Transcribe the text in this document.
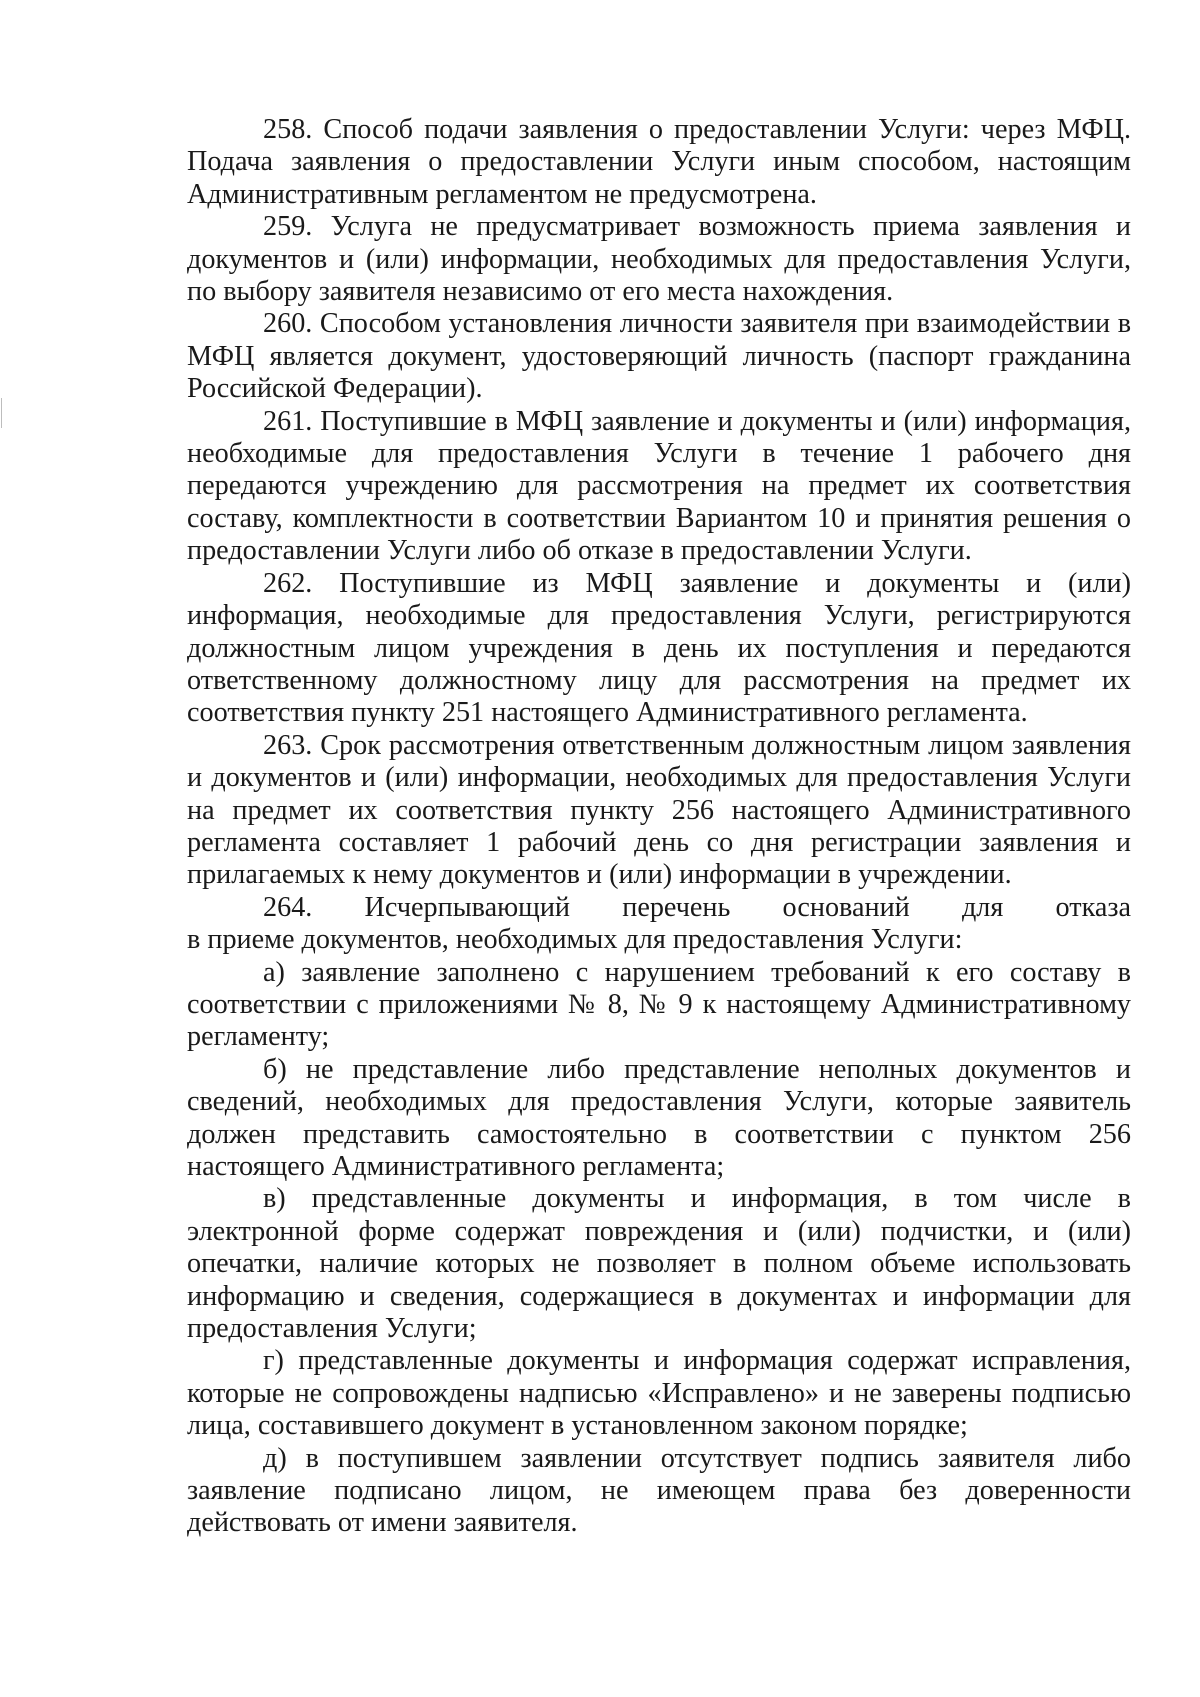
258. Способ подачи заявления о предоставлении Услуги: через МФЦ. Подача заявления о предоставлении Услуги иным способом, настоящим Административным регламентом не предусмотрена.

259. Услуга не предусматривает возможность приема заявления и документов и (или) информации, необходимых для предоставления Услуги, по выбору заявителя независимо от его места нахождения.

260. Способом установления личности заявителя при взаимодействии в МФЦ является документ, удостоверяющий личность (паспорт гражданина Российской Федерации).

261. Поступившие в МФЦ заявление и документы и (или) информация, необходимые для предоставления Услуги в течение 1 рабочего дня передаются учреждению для рассмотрения на предмет их соответствия составу, комплектности в соответствии Вариантом 10 и принятия решения о предоставлении Услуги либо об отказе в предоставлении Услуги.

262. Поступившие из МФЦ заявление и документы и (или) информация, необходимые для предоставления Услуги, регистрируются должностным лицом учреждения в день их поступления и передаются ответственному должностному лицу для рассмотрения на предмет их соответствия пункту 251 настоящего Административного регламента.

263. Срок рассмотрения ответственным должностным лицом заявления и документов и (или) информации, необходимых для предоставления Услуги на предмет их соответствия пункту 256 настоящего Административного регламента составляет 1 рабочий день со дня регистрации заявления и прилагаемых к нему документов и (или) информации в учреждении.

264. Исчерпывающий перечень оснований для отказа

в приеме документов, необходимых для предоставления Услуги:

а) заявление заполнено с нарушением требований к его составу в соответствии с приложениями № 8, № 9 к настоящему Административному регламенту;

б) не представление либо представление неполных документов и сведений, необходимых для предоставления Услуги, которые заявитель должен представить самостоятельно в соответствии с пунктом 256 настоящего Административного регламента;

в) представленные документы и информация, в том числе в электронной форме содержат повреждения и (или) подчистки, и (или) опечатки, наличие которых не позволяет в полном объеме использовать информацию и сведения, содержащиеся в документах и информации для предоставления Услуги;

г) представленные документы и информация содержат исправления, которые не сопровождены надписью «Исправлено» и не заверены подписью лица, составившего документ в установленном законом порядке;

д) в поступившем заявлении отсутствует подпись заявителя либо заявление подписано лицом, не имеющем права без доверенности действовать от имени заявителя.
